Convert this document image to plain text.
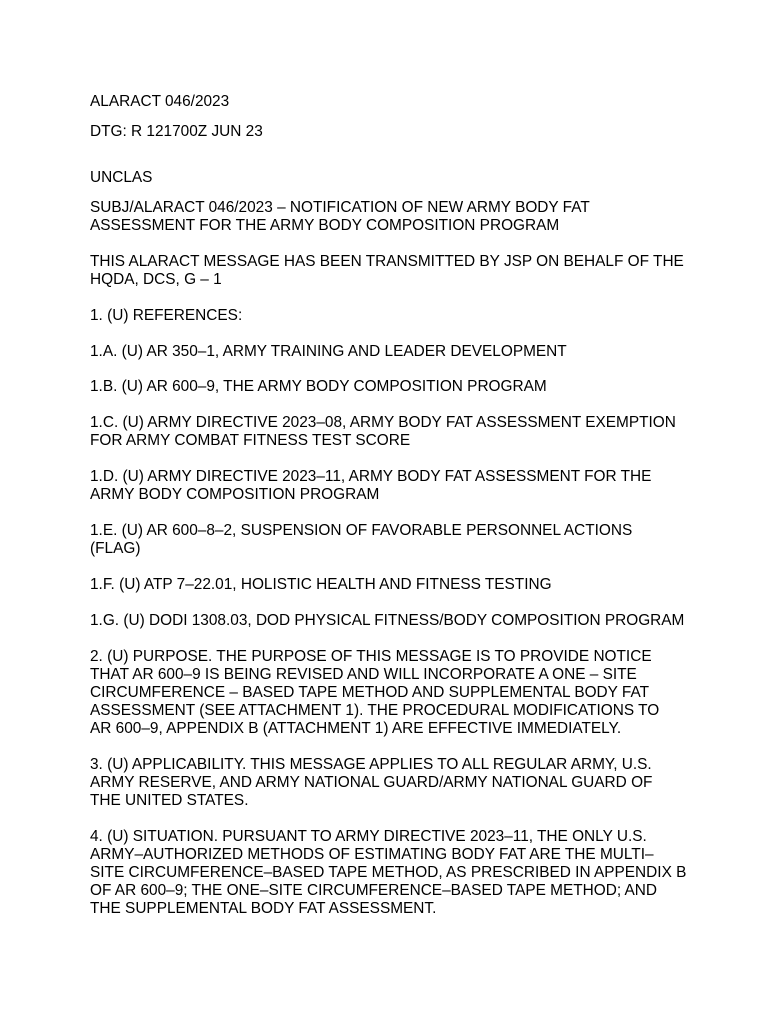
ALARACT 046/2023

DTG: R 121700Z JUN 23

UNCLAS

SUBJ/ALARACT 046/2023 – NOTIFICATION OF NEW ARMY BODY FAT
ASSESSMENT FOR THE ARMY BODY COMPOSITION PROGRAM

THIS ALARACT MESSAGE HAS BEEN TRANSMITTED BY JSP ON BEHALF OF THE
HQDA, DCS, G – 1

1. (U) REFERENCES:

1.A. (U) AR 350–1, ARMY TRAINING AND LEADER DEVELOPMENT

1.B. (U) AR 600–9, THE ARMY BODY COMPOSITION PROGRAM

1.C. (U) ARMY DIRECTIVE 2023–08, ARMY BODY FAT ASSESSMENT EXEMPTION
FOR ARMY COMBAT FITNESS TEST SCORE

1.D. (U) ARMY DIRECTIVE 2023–11, ARMY BODY FAT ASSESSMENT FOR THE
ARMY BODY COMPOSITION PROGRAM

1.E. (U) AR 600–8–2, SUSPENSION OF FAVORABLE PERSONNEL ACTIONS
(FLAG)

1.F. (U) ATP 7–22.01, HOLISTIC HEALTH AND FITNESS TESTING

1.G. (U) DODI 1308.03, DOD PHYSICAL FITNESS/BODY COMPOSITION PROGRAM

2. (U) PURPOSE. THE PURPOSE OF THIS MESSAGE IS TO PROVIDE NOTICE
THAT AR 600–9 IS BEING REVISED AND WILL INCORPORATE A ONE – SITE
CIRCUMFERENCE – BASED TAPE METHOD AND SUPPLEMENTAL BODY FAT
ASSESSMENT (SEE ATTACHMENT 1). THE PROCEDURAL MODIFICATIONS TO
AR 600–9, APPENDIX B (ATTACHMENT 1) ARE EFFECTIVE IMMEDIATELY.

3. (U) APPLICABILITY. THIS MESSAGE APPLIES TO ALL REGULAR ARMY, U.S.
ARMY RESERVE, AND ARMY NATIONAL GUARD/ARMY NATIONAL GUARD OF
THE UNITED STATES.

4. (U) SITUATION. PURSUANT TO ARMY DIRECTIVE 2023–11, THE ONLY U.S.
ARMY–AUTHORIZED METHODS OF ESTIMATING BODY FAT ARE THE MULTI–
SITE CIRCUMFERENCE–BASED TAPE METHOD, AS PRESCRIBED IN APPENDIX B
OF AR 600–9; THE ONE–SITE CIRCUMFERENCE–BASED TAPE METHOD; AND
THE SUPPLEMENTAL BODY FAT ASSESSMENT.
